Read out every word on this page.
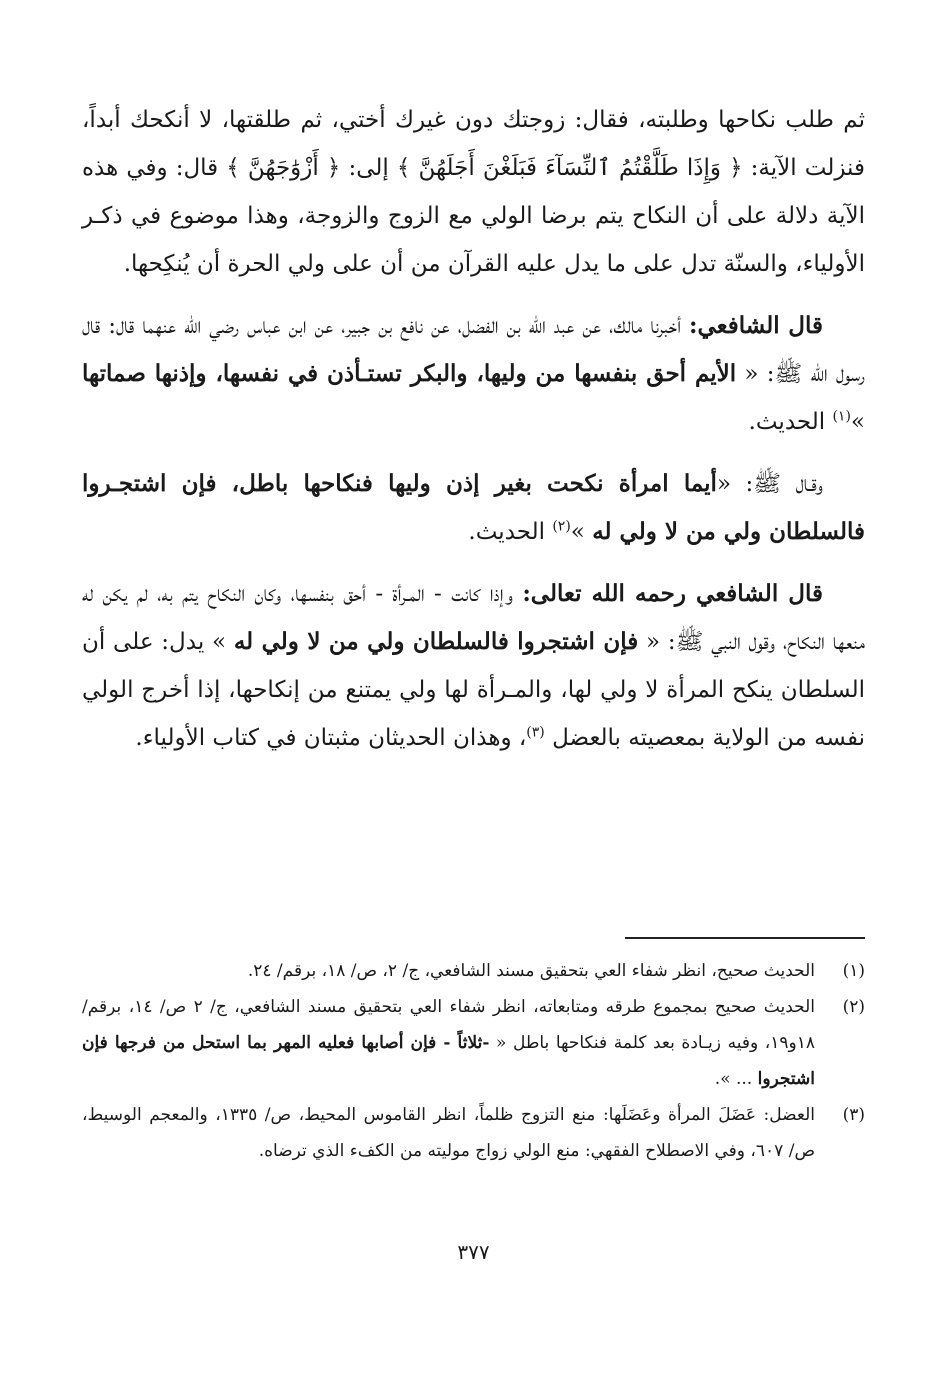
ثم طلب نكاحها وطلبته، فقال: زوجتك دون غيرك أختي، ثم طلقتها، لا أنكحك أبداً، فنزلت الآية: ﴿ وَإِذَا طَلَّقْتُمُ ٱلنِّسَآءَ فَبَلَغْنَ أَجَلَهُنَّ ﴾ إلى: ﴿ أَزْوَٰجَهُنَّ ﴾ قال: وفي هذه الآية دلالة على أن النكاح يتم برضا الولي مع الزوج والزوجة، وهذا موضوع في ذكـر الأولياء، والسنّة تدل على ما يدل عليه القرآن من أن على ولي الحرة أن يُنكِحها.

قال الشافعي: أخبرنا مالك، عن عبد الله بن الفضل، عن نافع بن جبير، عن ابن عباس رضي الله عنهما قال: قال رسول الله ﷺ: « الأيم أحق بنفسها من وليها، والبكر تستـأذن في نفسها، وإذنها صماتها »$^{(١)}$ الحديث.

وقـال ﷺ: «أيما امرأة نكحت بغير إذن وليها فنكاحها باطل، فإن اشتجـروا فالسلطان ولي من لا ولي له »$^{(٢)}$ الحديث.

قال الشافعي رحمه الله تعالى: وإذا كانت - المـرأة - أحق بنفسها، وكان النكاح يتم به، لم يكن له منعها النكاح، وقول النبي ﷺ: « فإن اشتجروا فالسلطان ولي من لا ولي له » يدل: على أن السلطان ينكح المرأة لا ولي لها، والمـرأة لها ولي يمتنع من إنكاحها، إذا أخرج الولي نفسه من الولاية بمعصيته بالعضل $^{(٣)}$، وهذان الحديثان مثبتان في كتاب الأولياء.

(١)
الحديث صحيح، انظر شفاء العي بتحقيق مسند الشافعي، ج/ ٢، ص/ ١٨، برقم/ ٢٤.
(٢)
الحديث صحيح بمجموع طرقه ومتابعاته، انظر شفاء العي بتحقيق مسند الشافعي، ج/ ٢ ص/ ١٤، برقم/ ١٨و١٩، وفيه زيـادة بعد كلمة فنكاحها باطل « -ثلاثاً - فإن أصابها فعليه المهر بما استحل من فرجها فإن اشتجروا ... ».
(٣)
العضل: عَضَلَ المرأة وعَضَلَها: منع التزوج ظلماً، انظر القاموس المحيط، ص/ ١٣٣٥، والمعجم الوسيط، ص/ ٦٠٧، وفي الاصطلاح الفقهي: منع الولي زواج موليته من الكفء الذي ترضاه.
٣٧٧
